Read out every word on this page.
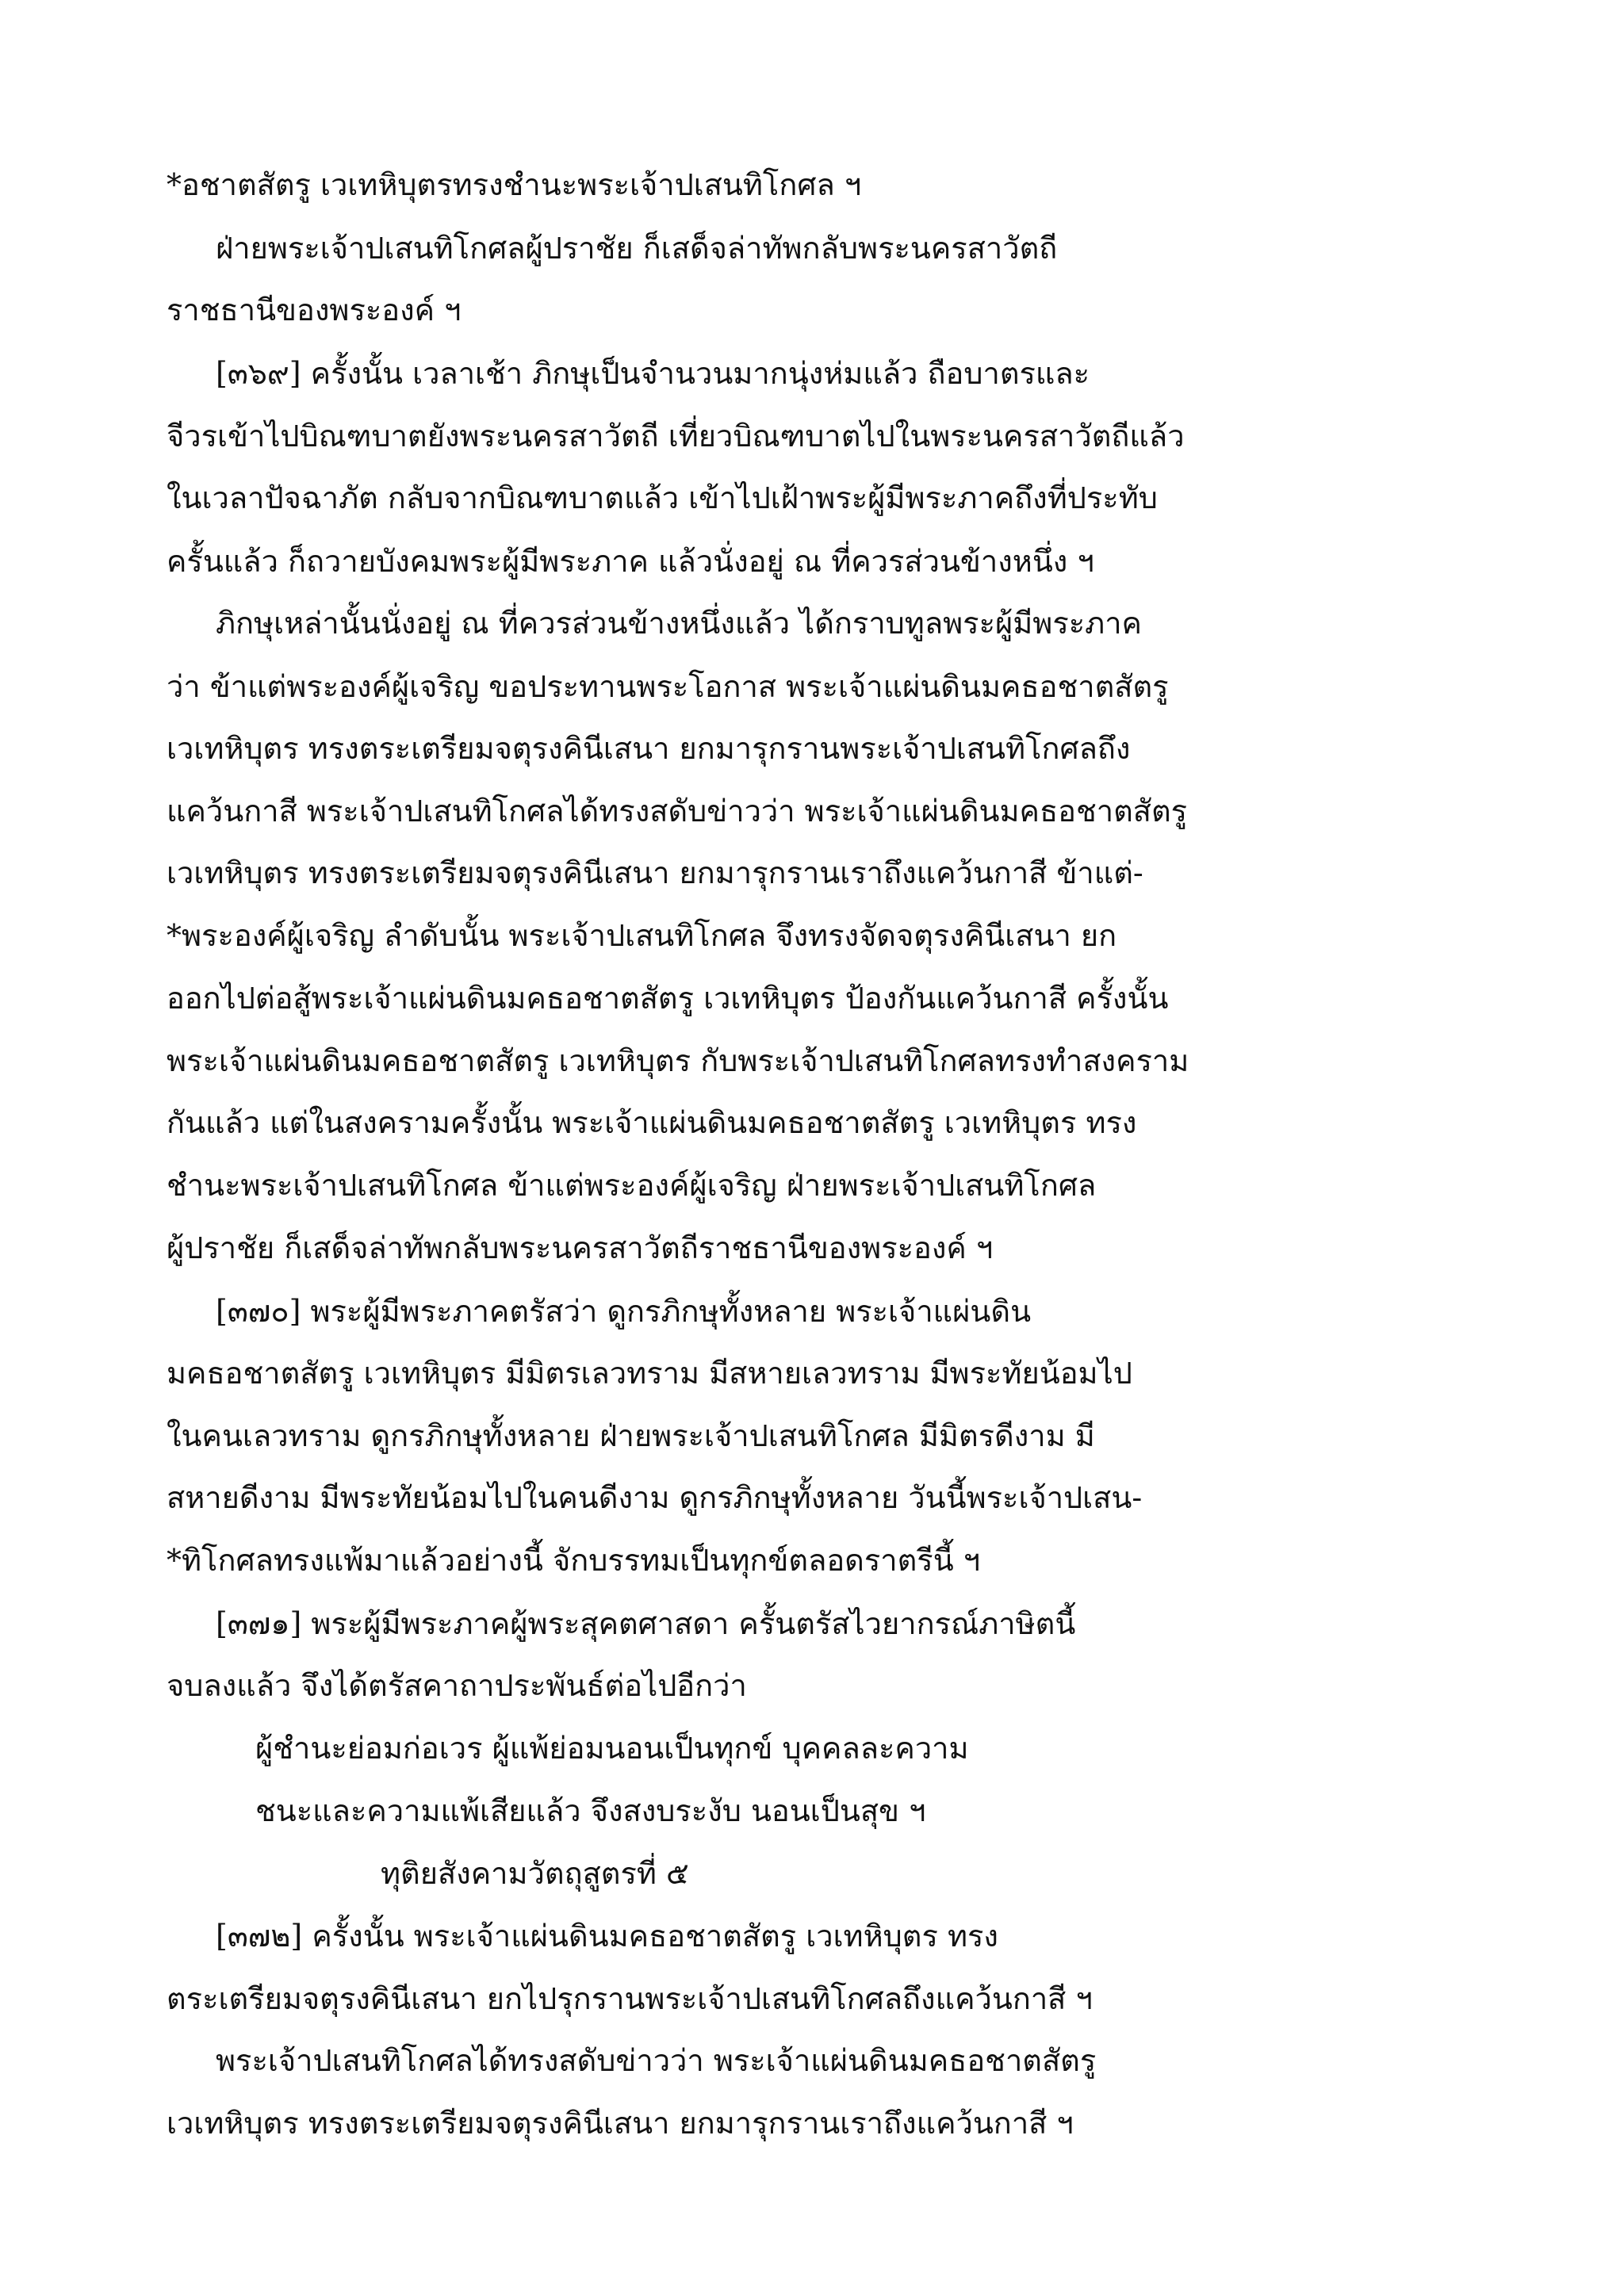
*อชาตสัตรู เวเทหิบุตรทรงชำนะพระเจ้าปเสนทิโกศล ฯ
ฝ่ายพระเจ้าปเสนทิโกศลผู้ปราชัย ก็เสด็จล่าทัพกลับพระนครสาวัตถี
ราชธานีของพระองค์ ฯ
[๓๖๙] ครั้งนั้น เวลาเช้า ภิกษุเป็นจำนวนมากนุ่งห่มแล้ว ถือบาตรและ
จีวรเข้าไปบิณฑบาตยังพระนครสาวัตถี เที่ยวบิณฑบาตไปในพระนครสาวัตถีแล้ว
ในเวลาปัจฉาภัต กลับจากบิณฑบาตแล้ว เข้าไปเฝ้าพระผู้มีพระภาคถึงที่ประทับ
ครั้นแล้ว ก็ถวายบังคมพระผู้มีพระภาค แล้วนั่งอยู่ ณ ที่ควรส่วนข้างหนึ่ง ฯ
ภิกษุเหล่านั้นนั่งอยู่ ณ ที่ควรส่วนข้างหนึ่งแล้ว ได้กราบทูลพระผู้มีพระภาค
ว่า ข้าแต่พระองค์ผู้เจริญ ขอประทานพระโอกาส พระเจ้าแผ่นดินมคธอชาตสัตรู
เวเทหิบุตร ทรงตระเตรียมจตุรงคินีเสนา ยกมารุกรานพระเจ้าปเสนทิโกศลถึง
แคว้นกาสี พระเจ้าปเสนทิโกศลได้ทรงสดับข่าวว่า พระเจ้าแผ่นดินมคธอชาตสัตรู
เวเทหิบุตร ทรงตระเตรียมจตุรงคินีเสนา ยกมารุกรานเราถึงแคว้นกาสี ข้าแต่-
*พระองค์ผู้เจริญ ลำดับนั้น พระเจ้าปเสนทิโกศล จึงทรงจัดจตุรงคินีเสนา ยก
ออกไปต่อสู้พระเจ้าแผ่นดินมคธอชาตสัตรู เวเทหิบุตร ป้องกันแคว้นกาสี ครั้งนั้น
พระเจ้าแผ่นดินมคธอชาตสัตรู เวเทหิบุตร กับพระเจ้าปเสนทิโกศลทรงทำสงคราม
กันแล้ว แต่ในสงครามครั้งนั้น พระเจ้าแผ่นดินมคธอชาตสัตรู เวเทหิบุตร ทรง
ชำนะพระเจ้าปเสนทิโกศล ข้าแต่พระองค์ผู้เจริญ ฝ่ายพระเจ้าปเสนทิโกศล
ผู้ปราชัย ก็เสด็จล่าทัพกลับพระนครสาวัตถีราชธานีของพระองค์ ฯ
[๓๗๐] พระผู้มีพระภาคตรัสว่า ดูกรภิกษุทั้งหลาย พระเจ้าแผ่นดิน
มคธอชาตสัตรู เวเทหิบุตร มีมิตรเลวทราม มีสหายเลวทราม มีพระทัยน้อมไป
ในคนเลวทราม ดูกรภิกษุทั้งหลาย ฝ่ายพระเจ้าปเสนทิโกศล มีมิตรดีงาม มี
สหายดีงาม มีพระทัยน้อมไปในคนดีงาม ดูกรภิกษุทั้งหลาย วันนี้พระเจ้าปเสน-
*ทิโกศลทรงแพ้มาแล้วอย่างนี้ จักบรรทมเป็นทุกข์ตลอดราตรีนี้ ฯ
[๓๗๑] พระผู้มีพระภาคผู้พระสุคตศาสดา ครั้นตรัสไวยากรณ์ภาษิตนี้
จบลงแล้ว จึงได้ตรัสคาถาประพันธ์ต่อไปอีกว่า
ผู้ชำนะย่อมก่อเวร ผู้แพ้ย่อมนอนเป็นทุกข์ บุคคลละความ
ชนะและความแพ้เสียแล้ว จึงสงบระงับ นอนเป็นสุข ฯ
ทุติยสังคามวัตถุสูตรที่ ๕
[๓๗๒] ครั้งนั้น พระเจ้าแผ่นดินมคธอชาตสัตรู เวเทหิบุตร ทรง
ตระเตรียมจตุรงคินีเสนา ยกไปรุกรานพระเจ้าปเสนทิโกศลถึงแคว้นกาสี ฯ
พระเจ้าปเสนทิโกศลได้ทรงสดับข่าวว่า พระเจ้าแผ่นดินมคธอชาตสัตรู
เวเทหิบุตร ทรงตระเตรียมจตุรงคินีเสนา ยกมารุกรานเราถึงแคว้นกาสี ฯ
